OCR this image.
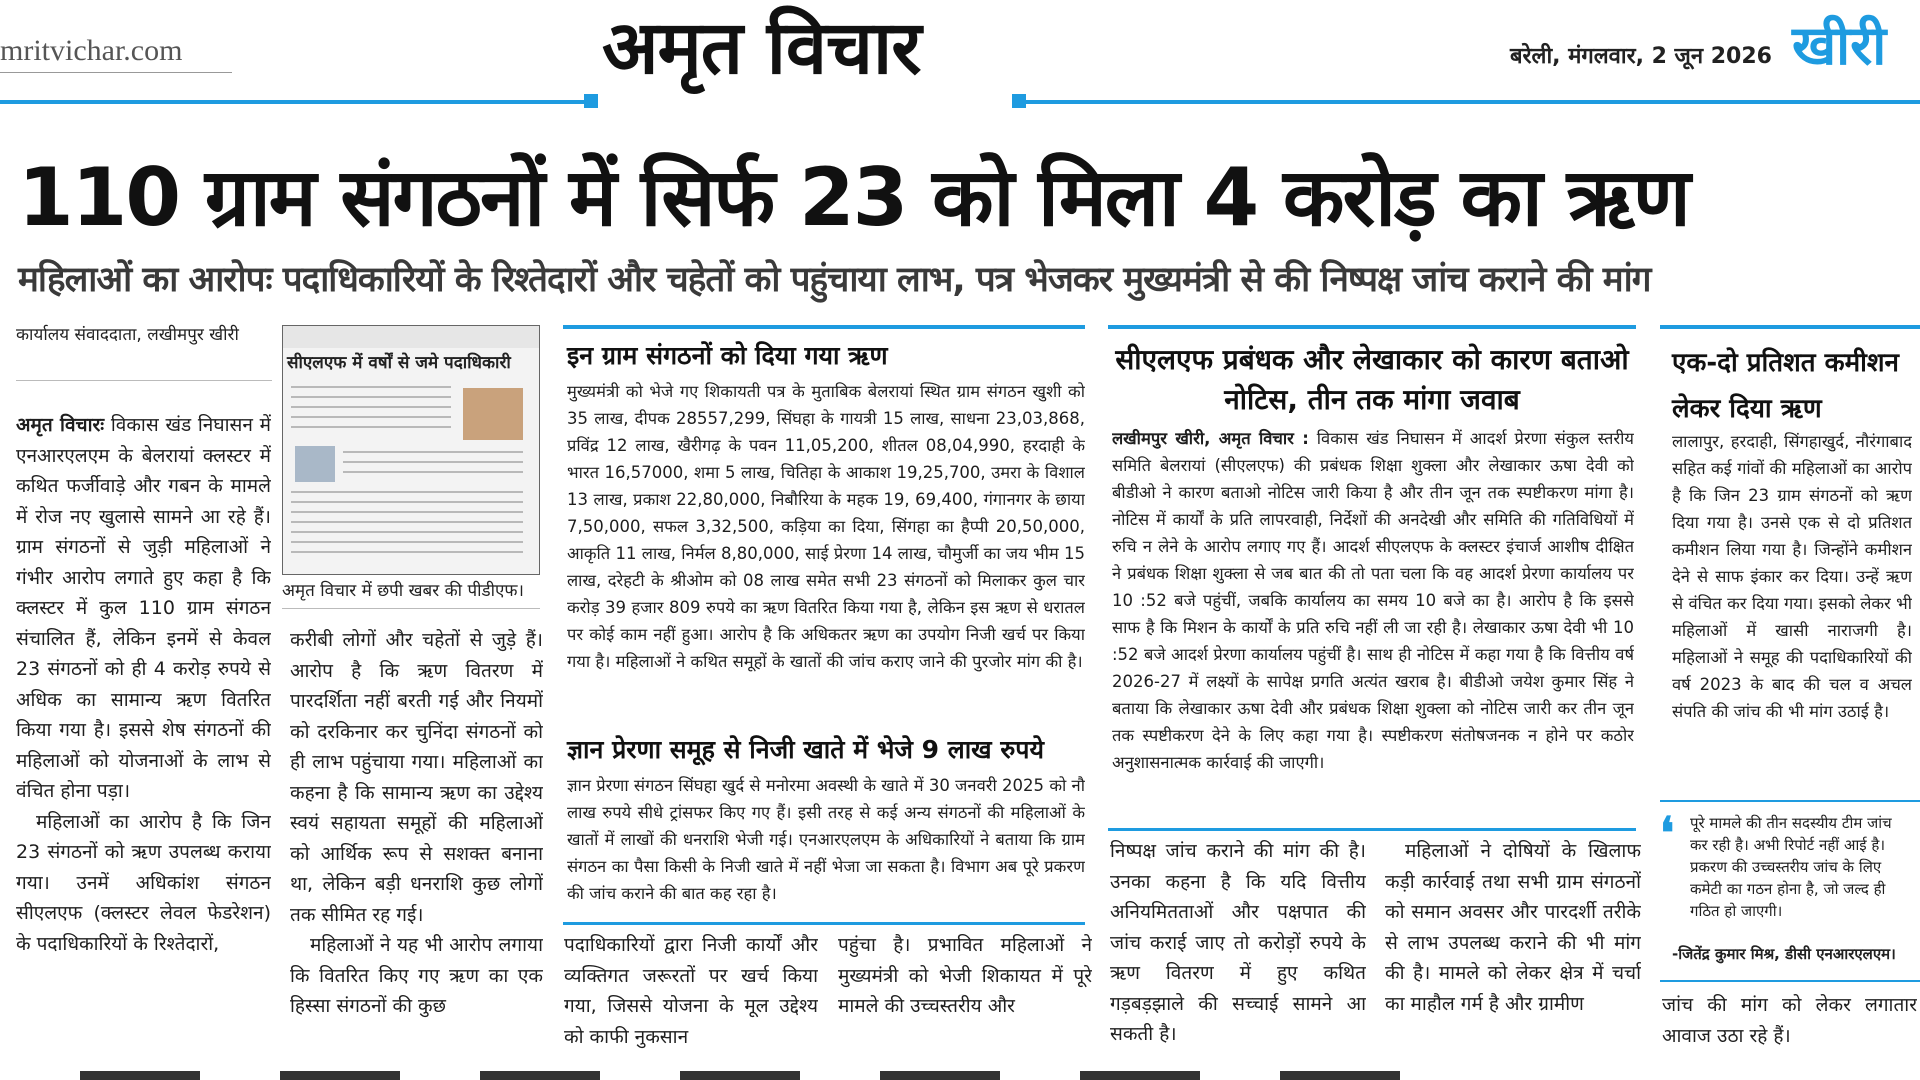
mritvichar.com	अमृत विचार	बरेली, मंगलवार, 2 जून 2026 खीरी
110 ग्राम संगठनों में सिर्फ 23 को मिला 4 करोड़ का ऋण
महिलाओं का आरोपः पदाधिकारियों के रिश्तेदारों और चहेतों को पहुंचाया लाभ, पत्र भेजकर मुख्यमंत्री से की निष्पक्ष जांच कराने की मांग
कार्यालय संवाददाता, लखीमपुर खीरी
अमृत विचारः विकास खंड निघासन में एनआरएलएम के बेलरायां क्लस्टर में कथित फर्जीवाड़े और गबन के मामले में रोज नए खुलासे सामने आ रहे हैं। ग्राम संगठनों से जुड़ी महिलाओं ने गंभीर आरोप लगाते हुए कहा है कि क्लस्टर में कुल 110 ग्राम संगठन संचालित हैं, लेकिन इनमें से केवल 23 संगठनों को ही 4 करोड़ रुपये से अधिक का सामान्य ऋण वितरित किया गया है। इससे शेष संगठनों की महिलाओं को योजनाओं के लाभ से वंचित होना पड़ा।
महिलाओं का आरोप है कि जिन 23 संगठनों को ऋण उपलब्ध कराया गया। उनमें अधिकांश संगठन सीएलएफ (क्लस्टर लेवल फेडरेशन) के पदाधिकारियों के रिश्तेदारों,
सीएलएफ में वर्षों से जमे पदाधिकारी
अमृत विचार में छपी खबर की पीडीएफ।
करीबी लोगों और चहेतों से जुड़े हैं। आरोप है कि ऋण वितरण में पारदर्शिता नहीं बरती गई और नियमों को दरकिनार कर चुनिंदा संगठनों को ही लाभ पहुंचाया गया। महिलाओं का कहना है कि सामान्य ऋण का उद्देश्य स्वयं सहायता समूहों की महिलाओं को आर्थिक रूप से सशक्त बनाना था, लेकिन बड़ी धनराशि कुछ लोगों तक सीमित रह गई।
महिलाओं ने यह भी आरोप लगाया कि वितरित किए गए ऋण का एक हिस्सा संगठनों की कुछ
इन ग्राम संगठनों को दिया गया ऋण
मुख्यमंत्री को भेजे गए शिकायती पत्र के मुताबिक बेलरायां स्थित ग्राम संगठन खुशी को 35 लाख, दीपक 28557,299, सिंघहा के गायत्री 15 लाख, साधना 23,03,868, प्रविंद्र 12 लाख, खैरीगढ़ के पवन 11,05,200, शीतल 08,04,990, हरदाही के भारत 16,57000, शमा 5 लाख, चितिहा के आकाश 19,25,700, उमरा के विशाल 13 लाख, प्रकाश 22,80,000, निबौरिया के महक 19, 69,400, गंगानगर के छाया 7,50,000, सफल 3,32,500, कड़िया का दिया, सिंगहा का हैप्पी 20,50,000, आकृति 11 लाख, निर्मल 8,80,000, साई प्रेरणा 14 लाख, चौमुर्जी का जय भीम 15 लाख, दरेहटी के श्रीओम को 08 लाख समेत सभी 23 संगठनों को मिलाकर कुल चार करोड़ 39 हजार 809 रुपये का ऋण वितरित किया गया है, लेकिन इस ऋण से धरातल पर कोई काम नहीं हुआ। आरोप है कि अधिकतर ऋण का उपयोग निजी खर्च पर किया गया है। महिलाओं ने कथित समूहों के खातों की जांच कराए जाने की पुरजोर मांग की है।
ज्ञान प्रेरणा समूह से निजी खाते में भेजे 9 लाख रुपये
ज्ञान प्रेरणा संगठन सिंघहा खुर्द से मनोरमा अवस्थी के खाते में 30 जनवरी 2025 को नौ लाख रुपये सीधे ट्रांसफर किए गए हैं। इसी तरह से कई अन्य संगठनों की महिलाओं के खातों में लाखों की धनराशि भेजी गई। एनआरएलएम के अधिकारियों ने बताया कि ग्राम संगठन का पैसा किसी के निजी खाते में नहीं भेजा जा सकता है। विभाग अब पूरे प्रकरण की जांच कराने की बात कह रहा है।
पदाधिकारियों द्वारा निजी कार्यों और व्यक्तिगत जरूरतों पर खर्च किया गया, जिससे योजना के मूल उद्देश्य को काफी नुकसान
पहुंचा है। प्रभावित महिलाओं ने मुख्यमंत्री को भेजी शिकायत में पूरे मामले की उच्चस्तरीय और
सीएलएफ प्रबंधक और लेखाकार को कारण बताओ नोटिस, तीन तक मांगा जवाब
लखीमपुर खीरी, अमृत विचार : विकास खंड निघासन में आदर्श प्रेरणा संकुल स्तरीय समिति बेलरायां (सीएलएफ) की प्रबंधक शिक्षा शुक्ला और लेखाकार ऊषा देवी को बीडीओ ने कारण बताओ नोटिस जारी किया है और तीन जून तक स्पष्टीकरण मांगा है। नोटिस में कार्यों के प्रति लापरवाही, निर्देशों की अनदेखी और समिति की गतिविधियों में रुचि न लेने के आरोप लगाए गए हैं। आदर्श सीएलएफ के क्लस्टर इंचार्ज आशीष दीक्षित ने प्रबंधक शिक्षा शुक्ला से जब बात की तो पता चला कि वह आदर्श प्रेरणा कार्यालय पर 10 :52 बजे पहुंचीं, जबकि कार्यालय का समय 10 बजे का है। आरोप है कि इससे साफ है कि मिशन के कार्यों के प्रति रुचि नहीं ली जा रही है। लेखाकार ऊषा देवी भी 10 :52 बजे आदर्श प्रेरणा कार्यालय पहुंचीं है। साथ ही नोटिस में कहा गया है कि वित्तीय वर्ष 2026-27 में लक्ष्यों के सापेक्ष प्रगति अत्यंत खराब है। बीडीओ जयेश कुमार सिंह ने बताया कि लेखाकार ऊषा देवी और प्रबंधक शिक्षा शुक्ला को नोटिस जारी कर तीन जून तक स्पष्टीकरण देने के लिए कहा गया है। स्पष्टीकरण संतोषजनक न होने पर कठोर अनुशासनात्मक कार्रवाई की जाएगी।
निष्पक्ष जांच कराने की मांग की है। उनका कहना है कि यदि वित्तीय अनियमितताओं और पक्षपात की जांच कराई जाए तो करोड़ों रुपये के ऋण वितरण में हुए कथित गड़बड़झाले की सच्चाई सामने आ सकती है।
महिलाओं ने दोषियों के खिलाफ कड़ी कार्रवाई तथा सभी ग्राम संगठनों को समान अवसर और पारदर्शी तरीके से लाभ उपलब्ध कराने की भी मांग की है। मामले को लेकर क्षेत्र में चर्चा का माहौल गर्म है और ग्रामीण
एक-दो प्रतिशत कमीशन लेकर दिया ऋण
लालापुर, हरदाही, सिंगहाखुर्द, नौरंगाबाद सहित कई गांवों की महिलाओं का आरोप है कि जिन 23 ग्राम संगठनों को ऋण दिया गया है। उनसे एक से दो प्रतिशत कमीशन लिया गया है। जिन्होंने कमीशन देने से साफ इंकार कर दिया। उन्हें ऋण से वंचित कर दिया गया। इसको लेकर भी महिलाओं में खासी नाराजगी है। महिलाओं ने समूह की पदाधिकारियों की वर्ष 2023 के बाद की चल व अचल संपति की जांच की भी मांग उठाई है।
❛ पूरे मामले की तीन सदस्यीय टीम जांच कर रही है। अभी रिपोर्ट नहीं आई है। प्रकरण की उच्चस्तरीय जांच के लिए कमेटी का गठन होना है, जो जल्द ही गठित हो जाएगी।
-जितेंद्र कुमार मिश्र, डीसी एनआरएलएम।
जांच की मांग को लेकर लगातार आवाज उठा रहे हैं।
